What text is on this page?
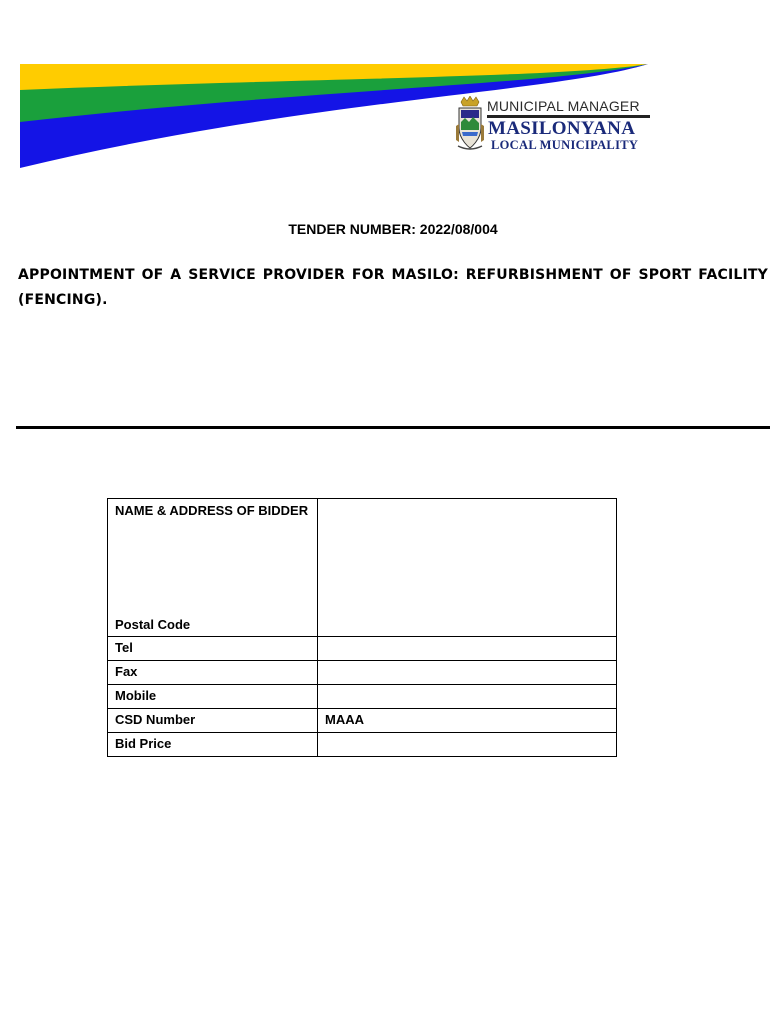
MUNICIPAL MANAGER
MASILONYANA
LOCAL MUNICIPALITY
TENDER NUMBER: 2022/08/004
APPOINTMENT OF A SERVICE PROVIDER FOR MASILO: REFURBISHMENT OF SPORT FACILITY (FENCING).
NAME & ADDRESS OF BIDDER
Postal Code	

Tel	
Fax	
Mobile	
CSD Number	MAAA
Bid Price	
